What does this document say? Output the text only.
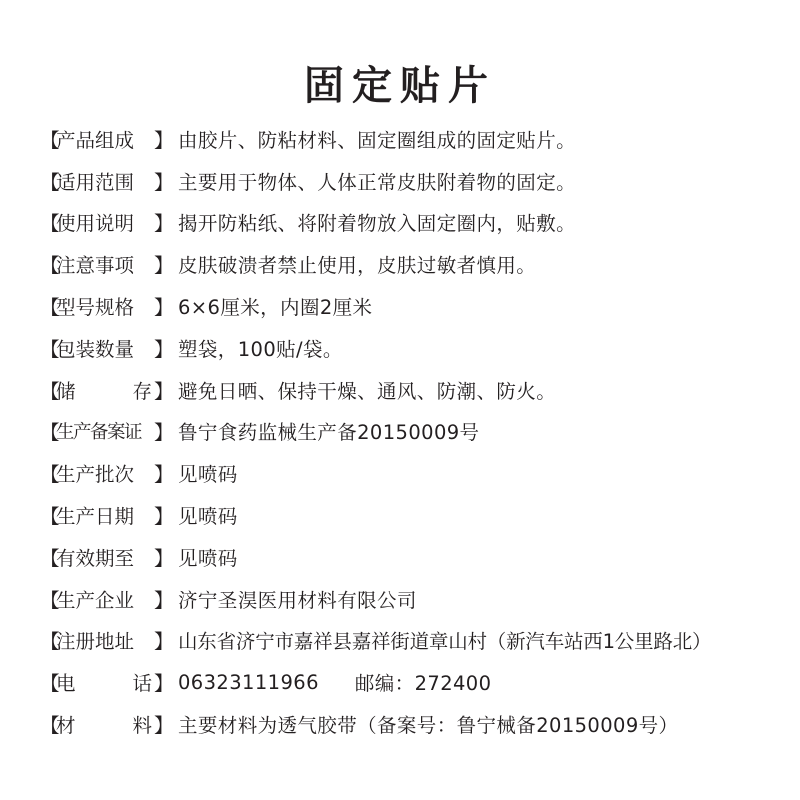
固定贴片
【
产品组成	】 由胶片、防粘材料、固定圈组成的固定贴片。
【
适用范围	】 主要用于物体、人体正常皮肤附着物的固定。
【
使用说明	】 揭开防粘纸、将附着物放入固定圈内，贴敷。
【
注意事项	】 皮肤破溃者禁止使用，皮肤过敏者慎用。
【
型号规格	】 6×6厘米，内圈2厘米
【
包装数量	】 塑袋，100贴/袋。
【
储	存 】 避免日晒、保持干燥、通风、防潮、防火。
【
生产备案证 】 鲁宁食药监械生产备20150009号
【
生产批次	】 见喷码
【
生产日期	】 见喷码
【
有效期至	】 见喷码
【
生产企业	】 济宁圣淏医用材料有限公司
【
注册地址	】 山东省济宁市嘉祥县嘉祥街道章山村（新汽车站西1公里路北）
【
电	话 】 06323111966 邮编：272400
【
材	料 】 主要材料为透气胶带（备案号：鲁宁械备20150009号）
